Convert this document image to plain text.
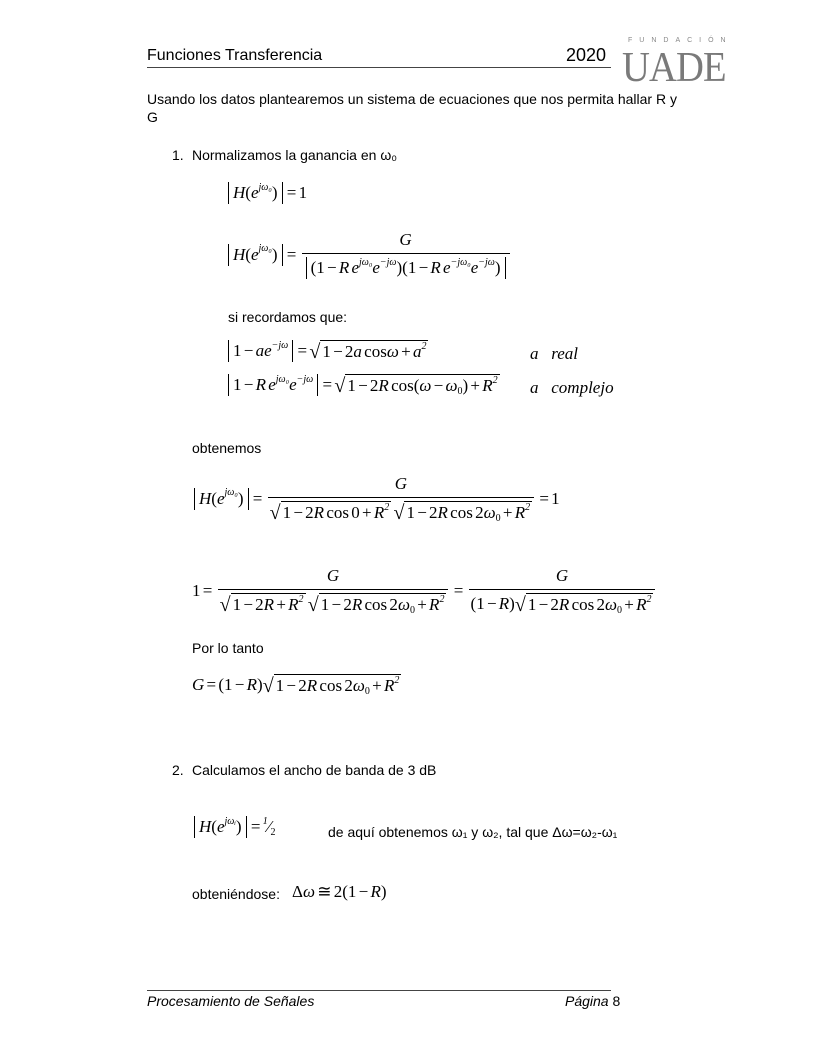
Funciones Transferencia	2020
FUNDACIÓN
UADE
Usando los datos plantearemos un sistema de ecuaciones que nos permita hallar R y
G
1. Normalizamos la ganancia en ω₀
H ( e jω₀ ) = 1
H ( e jω₀ ) = $\frac{G}{\text{(1 − R e jω₀ e −jω )(1 − R e −jω₀ e −jω )}}$
si recordamos que:
1 − ae −jω = √ 1 − 2 a cos ω + a 2	a real
1 − R e jω₀ e −jω = √ 1 − 2 R cos( ω − ω 0 ) + R 2 a complejo
obtenemos
H ( e jω₀ ) = G
√ 1 − 2 R cos 0 + R 2
√ 1 − 2 R cos 2 ω 0 + R 2 = 1
1 = G
√ 1 − 2 R + R 2
√ 1 − 2 R cos 2 ω 0 + R $2 = \frac{G}{\text{(1 − R ) √ 1 − 2 R cos 2 ω 0 + R 2}}$
Por lo tanto
G = (1 − R ) √ 1 − 2 R cos 2 ω 0 + R 2
2. Calculamos el ancho de banda de 3 dB
H ( e jωᵢ ) = 1 ⁄ 2	de aquí obtenemos ω₁ y ω₂, tal que Δω=ω₂-ω₁
obteniéndose: Δ ω ≅ 2(1 − R )
Procesamiento de Señales	Página 8
